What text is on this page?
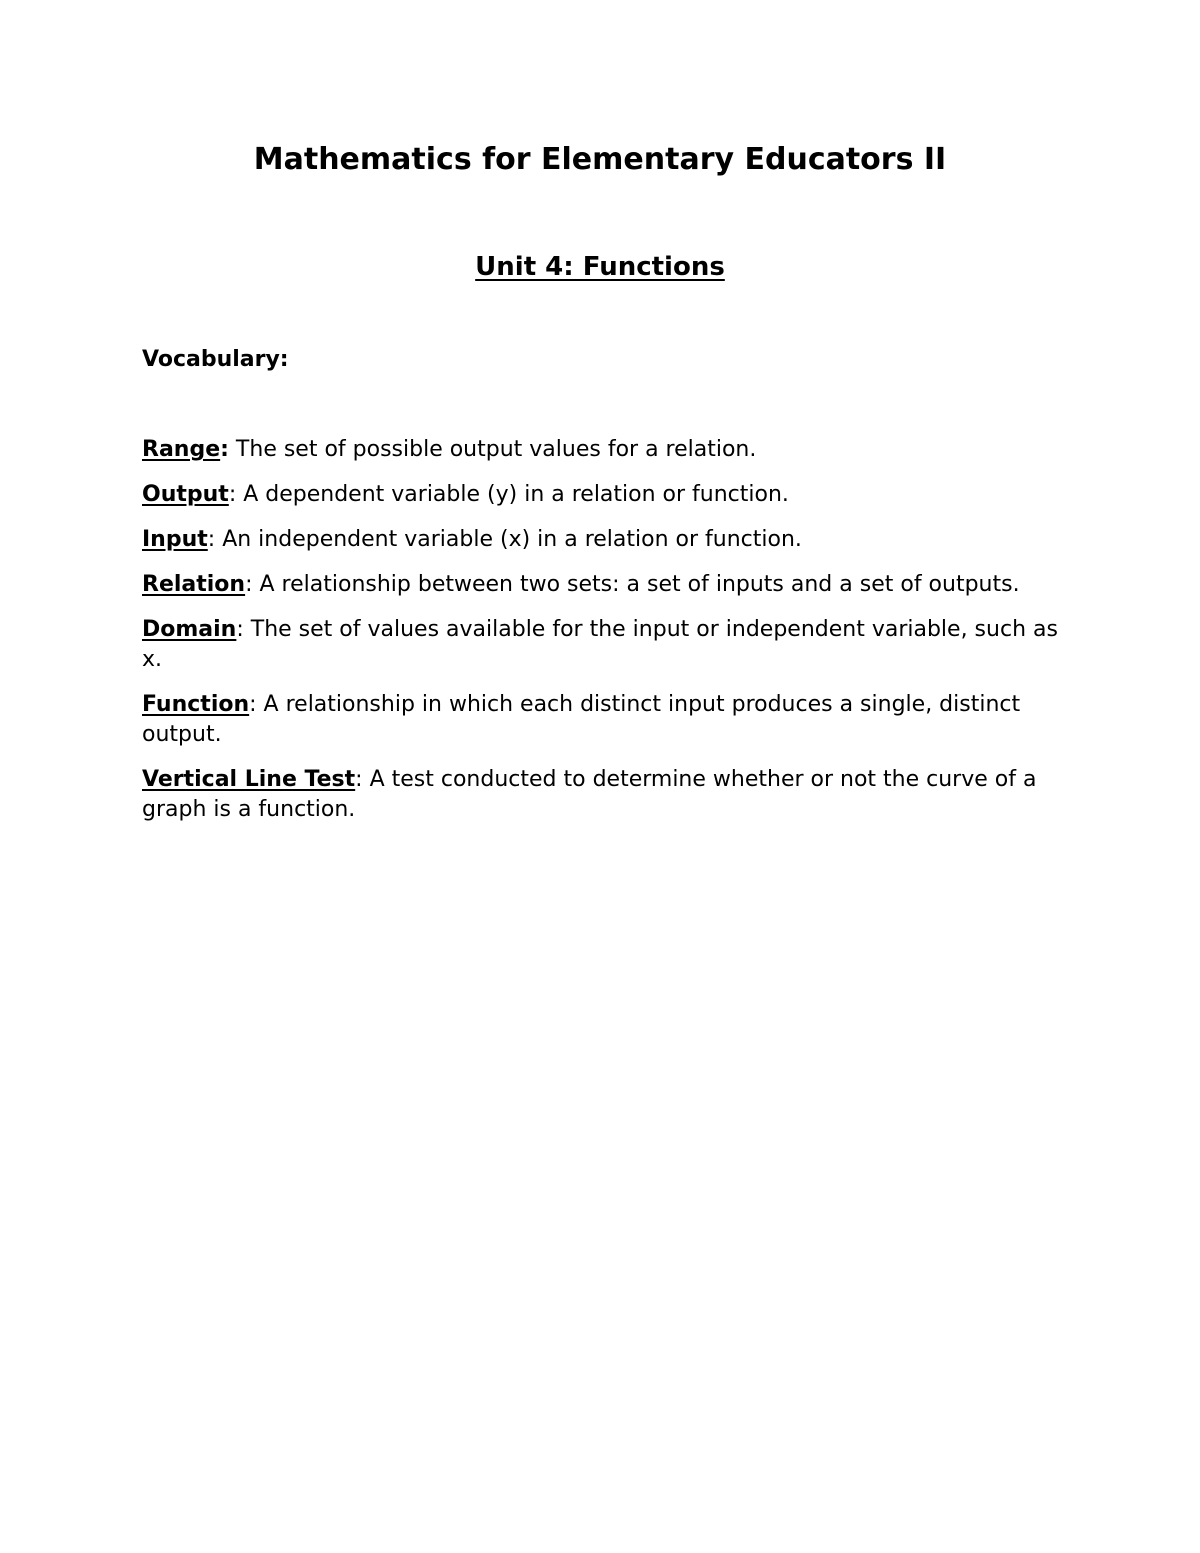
Mathematics for Elementary Educators II
Unit 4: Functions
Vocabulary:
Range: The set of possible output values for a relation.
Output: A dependent variable (y) in a relation or function.
Input: An independent variable (x) in a relation or function.
Relation: A relationship between two sets: a set of inputs and a set of outputs.
Domain: The set of values available for the input or independent variable, such as x.
Function: A relationship in which each distinct input produces a single, distinct output.
Vertical Line Test: A test conducted to determine whether or not the curve of a graph is a function.
